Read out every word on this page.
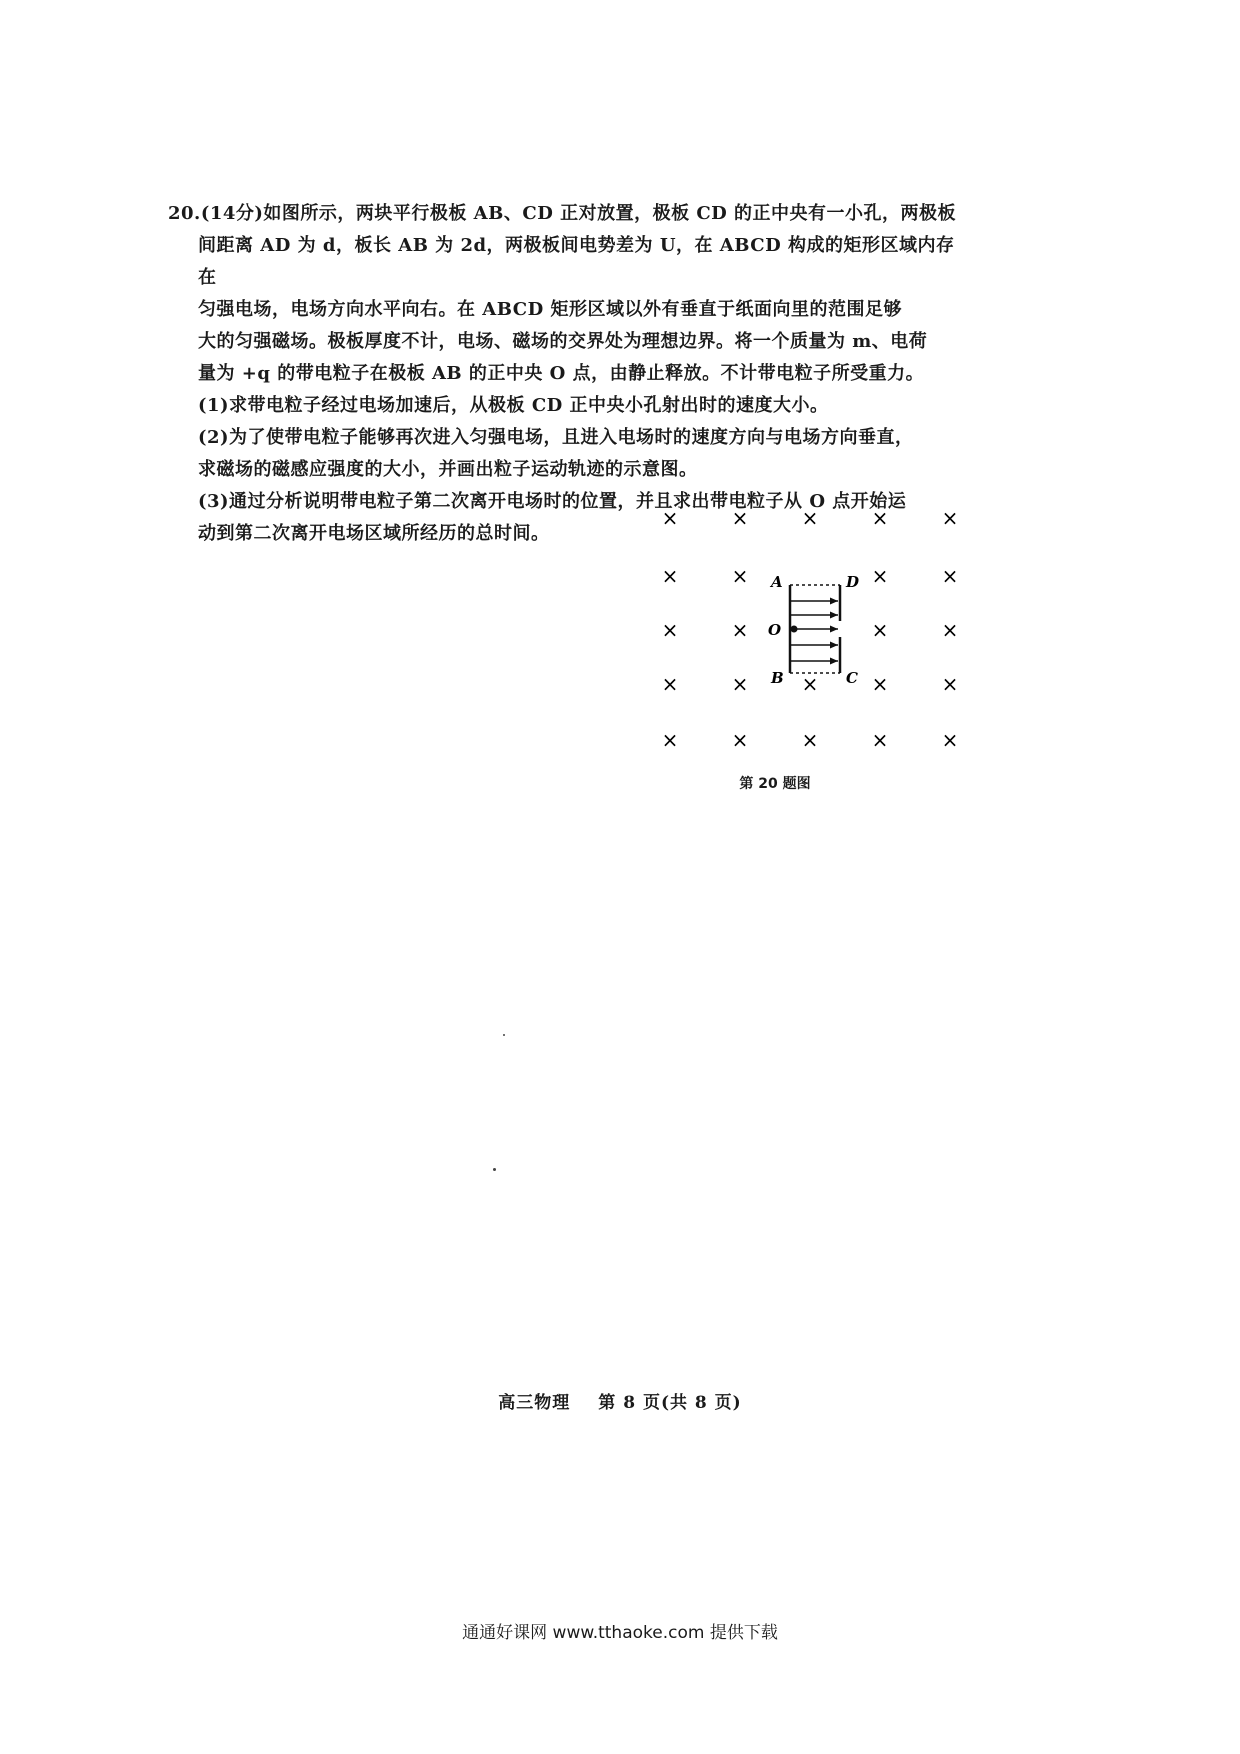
20.(14分)如图所示，两块平行极板 AB、CD 正对放置，极板 CD 的正中央有一小孔，两极板

间距离 AD 为 d，板长 AB 为 2d，两极板间电势差为 U，在 ABCD 构成的矩形区域内存在

匀强电场，电场方向水平向右。在 ABCD 矩形区域以外有垂直于纸面向里的范围足够

大的匀强磁场。极板厚度不计，电场、磁场的交界处为理想边界。将一个质量为 m、电荷

量为 +q 的带电粒子在极板 AB 的正中央 O 点，由静止释放。不计带电粒子所受重力。

(1)求带电粒子经过电场加速后，从极板 CD 正中央小孔射出时的速度大小。

(2)为了使带电粒子能够再次进入匀强电场，且进入电场时的速度方向与电场方向垂直，

求磁场的磁感应强度的大小，并画出粒子运动轨迹的示意图。

(3)通过分析说明带电粒子第二次离开电场时的位置，并且求出带电粒子从 O 点开始运

动到第二次离开电场区域所经历的总时间。

×	×	×	×	×
×	×	×	×
×	×	×	×
×	×	×	×	×
×	×	×	×	×
A	D
O
B	C
第 20 题图
高三物理 第 8 页(共 8 页)
通通好课网 www.tthaoke.com 提供下载
